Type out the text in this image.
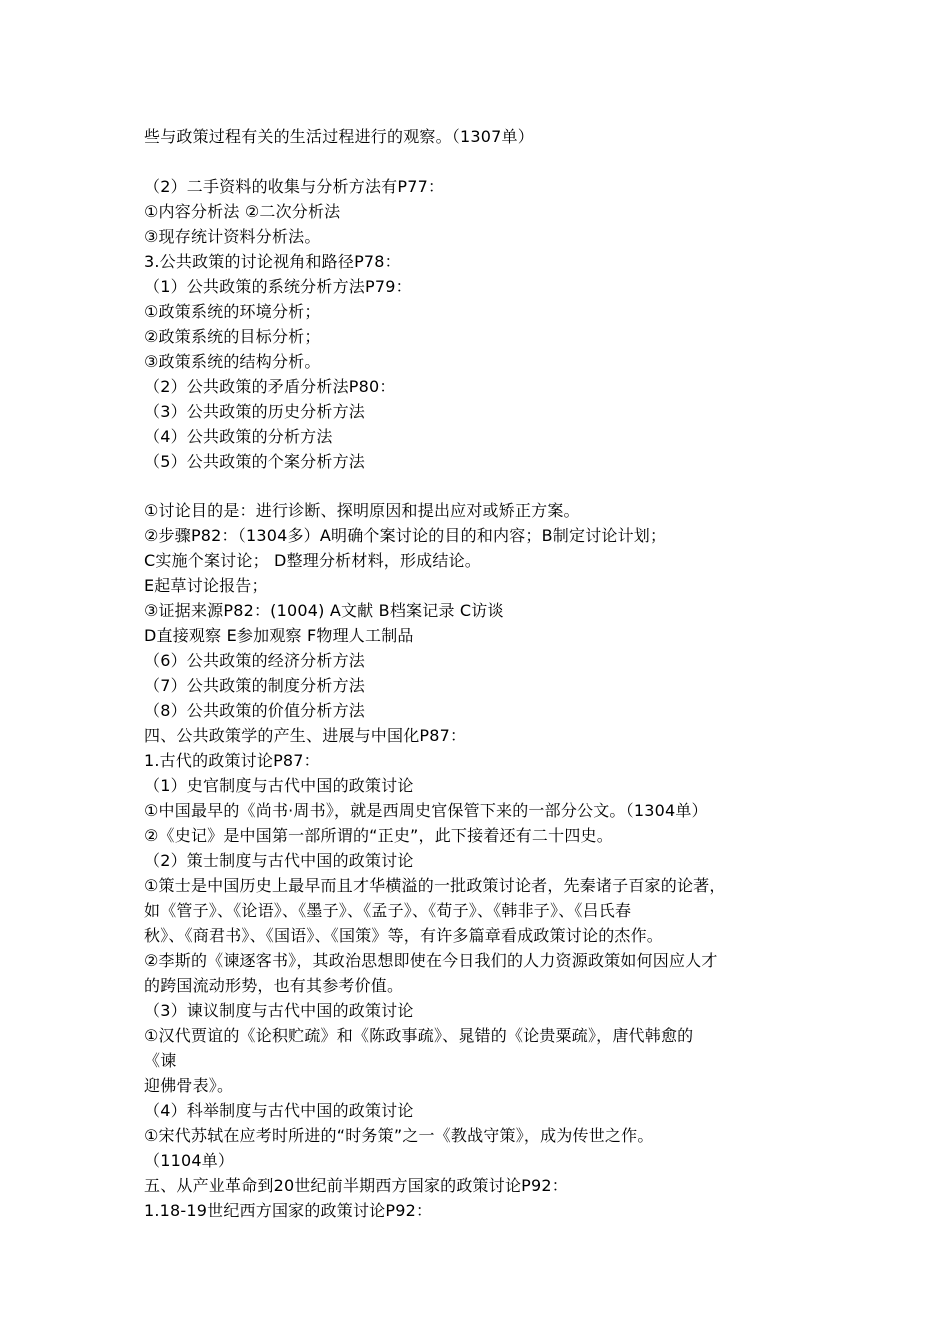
些与政策过程有关的生活过程进行的观察。（1307单）
（2）二手资料的收集与分析方法有P77：
①内容分析法 ②二次分析法
③现存统计资料分析法。
3.公共政策的讨论视角和路径P78：
（1）公共政策的系统分析方法P79：
①政策系统的环境分析；
②政策系统的目标分析；
③政策系统的结构分析。
（2）公共政策的矛盾分析法P80：
（3）公共政策的历史分析方法
（4）公共政策的分析方法
（5）公共政策的个案分析方法
①讨论目的是：进行诊断、探明原因和提出应对或矫正方案。
②步骤P82：（1304多）A明确个案讨论的目的和内容；B制定讨论计划；
C实施个案讨论； D整理分析材料，形成结论。
E起草讨论报告；
③证据来源P82：(1004) A文献 B档案记录 C访谈
D直接观察 E参加观察 F物理人工制品
（6）公共政策的经济分析方法
（7）公共政策的制度分析方法
（8）公共政策的价值分析方法
四、公共政策学的产生、进展与中国化P87：
1.古代的政策讨论P87：
（1）史官制度与古代中国的政策讨论
①中国最早的《尚书·周书》，就是西周史官保管下来的一部分公文。（1304单）
②《史记》是中国第一部所谓的“正史”，此下接着还有二十四史。
（2）策士制度与古代中国的政策讨论
①策士是中国历史上最早而且才华横溢的一批政策讨论者，先秦诸子百家的论著，
如《管子》、《论语》、《墨子》、《孟子》、《荀子》、《韩非子》、《吕氏春
秋》、《商君书》、《国语》、《国策》等，有许多篇章看成政策讨论的杰作。
②李斯的《谏逐客书》，其政治思想即使在今日我们的人力资源政策如何因应人才
的跨国流动形势，也有其参考价值。
（3）谏议制度与古代中国的政策讨论
①汉代贾谊的《论积贮疏》和《陈政事疏》、晁错的《论贵粟疏》，唐代韩愈的
《谏
迎佛骨表》。
（4）科举制度与古代中国的政策讨论
①宋代苏轼在应考时所进的“时务策”之一《教战守策》，成为传世之作。
（1104单）
五、从产业革命到20世纪前半期西方国家的政策讨论P92：
1.18-19世纪西方国家的政策讨论P92：
